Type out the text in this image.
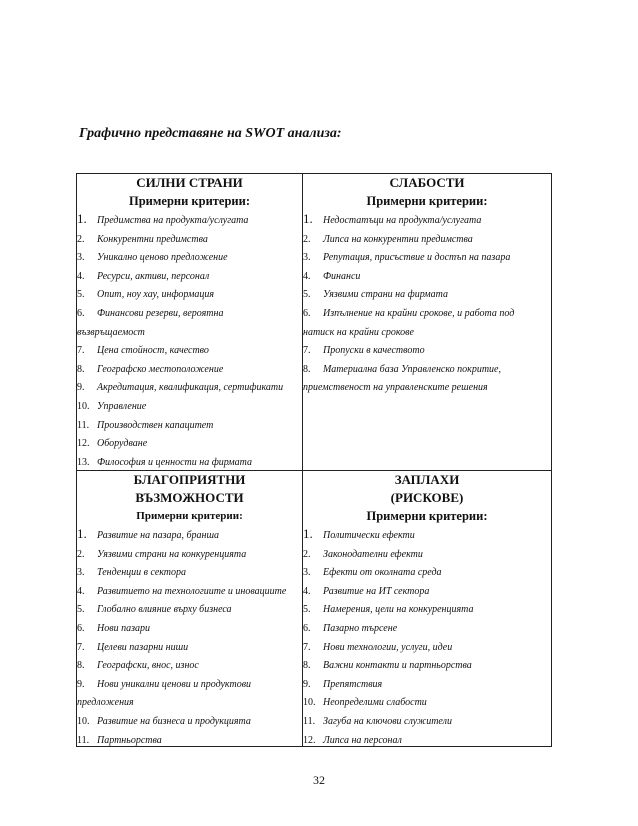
Графично представяне на SWOT анализа:
СИЛНИ СТРАНИ
Примерни критерии:
1. Предимства на продукта/услугата
2. Конкурентни предимства
3. Уникално ценово предложение
4. Ресурси, активи, персонал
5. Опит, ноу хау, информация
6. Финансови резерви, вероятна
възвръщаемост
7. Цена стойност, качество
8. Географско местоположение
9. Акредитация, квалификация, сертификати
10. Управление
11. Производствен капацитет
12. Оборудване
13. Философия и ценности на фирмата
СЛАБОСТИ
Примерни критерии:
1. Недостатъци на продукта/услугата
2. Липса на конкурентни предимства
3. Репутация, присъствие и достъп на пазара
4. Финанси
5. Уязвими страни на фирмата
6. Изпълнение на крайни срокове, и работа под
натиск на крайни срокове
7. Пропуски в качеството
8. Материална база Управленско покритие,
приемственост на управленските решения
БЛАГОПРИЯТНИ
ВЪЗМОЖНОСТИ
Примерни критерии:
1. Развитие на пазара, бранша
2. Уязвими страни на конкуренцията
3. Тенденции в сектора
4. Развитието на технологиите и иновациите
5. Глобално влияние върху бизнеса
6. Нови пазари
7. Целеви пазарни ниши
8. Географски, внос, износ
9. Нови уникални ценови и продуктови
предложения
10. Развитие на бизнеса и продукцията
11. Партньорства
ЗАПЛАХИ
(РИСКОВЕ)
Примерни критерии:
1. Политически ефекти
2. Законодателни ефекти
3. Ефекти от околната среда
4. Развитие на ИТ сектора
5. Намерения, цели на конкуренцията
6. Пазарно търсене
7. Нови технологии, услуги, идеи
8. Важни контакти и партньорства
9. Препятствия
10. Неопределими слабости
11. Загуба на ключови служители
12. Липса на персонал
32
